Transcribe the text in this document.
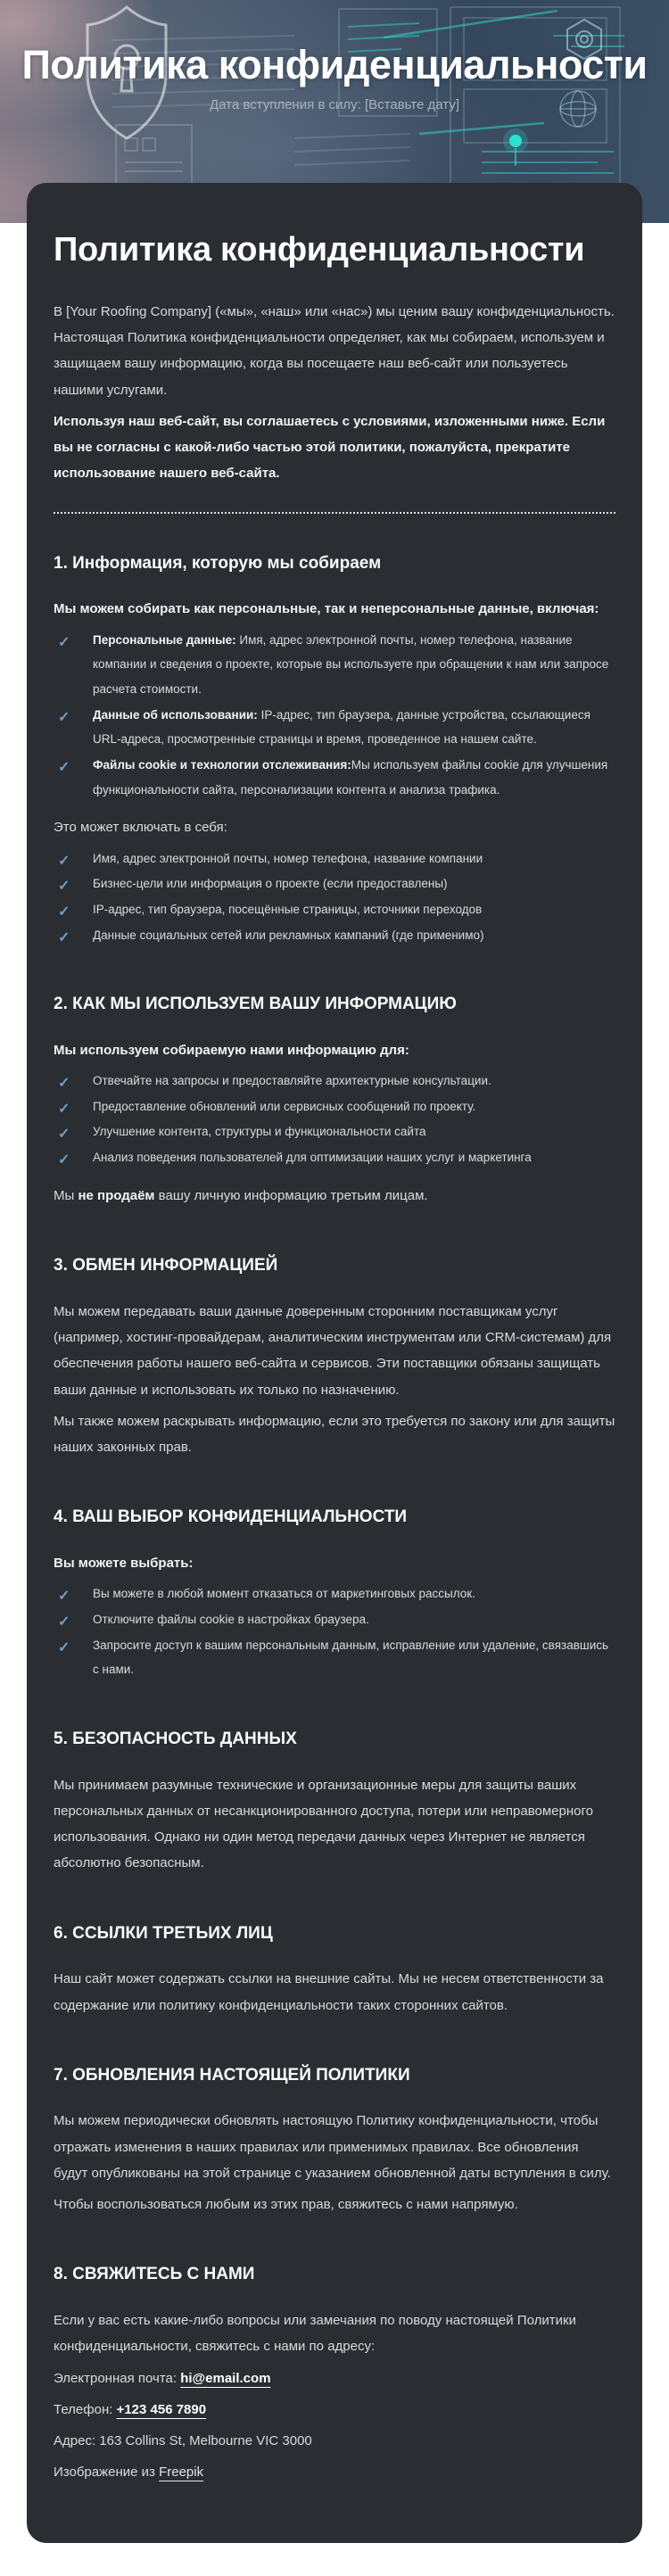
Политика конфиденциальности

Дата вступления в силу: [Вставьте дату]

Политика конфиденциальности

В [Your Roofing Company] («мы», «наш» или «нас») мы ценим вашу конфиденциальность. Настоящая Политика конфиденциальности определяет, как мы собираем, используем и защищаем вашу информацию, когда вы посещаете наш веб-сайт или пользуетесь нашими услугами.

Используя наш веб-сайт, вы соглашаетесь с условиями, изложенными ниже. Если вы не согласны с какой-либо частью этой политики, пожалуйста, прекратите использование нашего веб-сайта.

1. Информация, которую мы собираем

Мы можем собирать как персональные, так и неперсональные данные, включая:

✓ Персональные данные: Имя, адрес электронной почты, номер телефона, название компании и сведения о проекте, которые вы используете при обращении к нам или запросе расчета стоимости.
✓ Данные об использовании: IP-адрес, тип браузера, данные устройства, ссылающиеся URL-адреса, просмотренные страницы и время, проведенное на нашем сайте.
✓ Файлы cookie и технологии отслеживания:Мы используем файлы cookie для улучшения функциональности сайта, персонализации контента и анализа трафика.

Это может включать в себя:

✓ Имя, адрес электронной почты, номер телефона, название компании
✓ Бизнес-цели или информация о проекте (если предоставлены)
✓ IP-адрес, тип браузера, посещённые страницы, источники переходов
✓ Данные социальных сетей или рекламных кампаний (где применимо)
2. КАК МЫ ИСПОЛЬЗУЕМ ВАШУ ИНФОРМАЦИЮ

Мы используем собираемую нами информацию для:

✓ Отвечайте на запросы и предоставляйте архитектурные консультации.
✓ Предоставление обновлений или сервисных сообщений по проекту.
✓ Улучшение контента, структуры и функциональности сайта
✓ Анализ поведения пользователей для оптимизации наших услуг и маркетинга

Мы не продаём вашу личную информацию третьим лицам.

3. ОБМЕН ИНФОРМАЦИЕЙ

Мы можем передавать ваши данные доверенным сторонним поставщикам услуг (например, хостинг-провайдерам, аналитическим инструментам или CRM-системам) для обеспечения работы нашего веб-сайта и сервисов. Эти поставщики обязаны защищать ваши данные и использовать их только по назначению.

Мы также можем раскрывать информацию, если это требуется по закону или для защиты наших законных прав.

4. ВАШ ВЫБОР КОНФИДЕНЦИАЛЬНОСТИ

Вы можете выбрать:

✓ Вы можете в любой момент отказаться от маркетинговых рассылок.
✓ Отключите файлы cookie в настройках браузера.
✓ Запросите доступ к вашим персональным данным, исправление или удаление, связавшись с нами.
5. БЕЗОПАСНОСТЬ ДАННЫХ

Мы принимаем разумные технические и организационные меры для защиты ваших персональных данных от несанкционированного доступа, потери или неправомерного использования. Однако ни один метод передачи данных через Интернет не является абсолютно безопасным.

6. ССЫЛКИ ТРЕТЬИХ ЛИЦ

Наш сайт может содержать ссылки на внешние сайты. Мы не несем ответственности за содержание или политику конфиденциальности таких сторонних сайтов.

7. ОБНОВЛЕНИЯ НАСТОЯЩЕЙ ПОЛИТИКИ

Мы можем периодически обновлять настоящую Политику конфиденциальности, чтобы отражать изменения в наших правилах или применимых правилах. Все обновления будут опубликованы на этой странице с указанием обновленной даты вступления в силу.

Чтобы воспользоваться любым из этих прав, свяжитесь с нами напрямую.

8. СВЯЖИТЕСЬ С НАМИ

Если у вас есть какие-либо вопросы или замечания по поводу настоящей Политики конфиденциальности, свяжитесь с нами по адресу:

Электронная почта: hi@email.com

Телефон: +123 456 7890

Адрес: 163 Collins St, Melbourne VIC 3000

Изображение из Freepik
